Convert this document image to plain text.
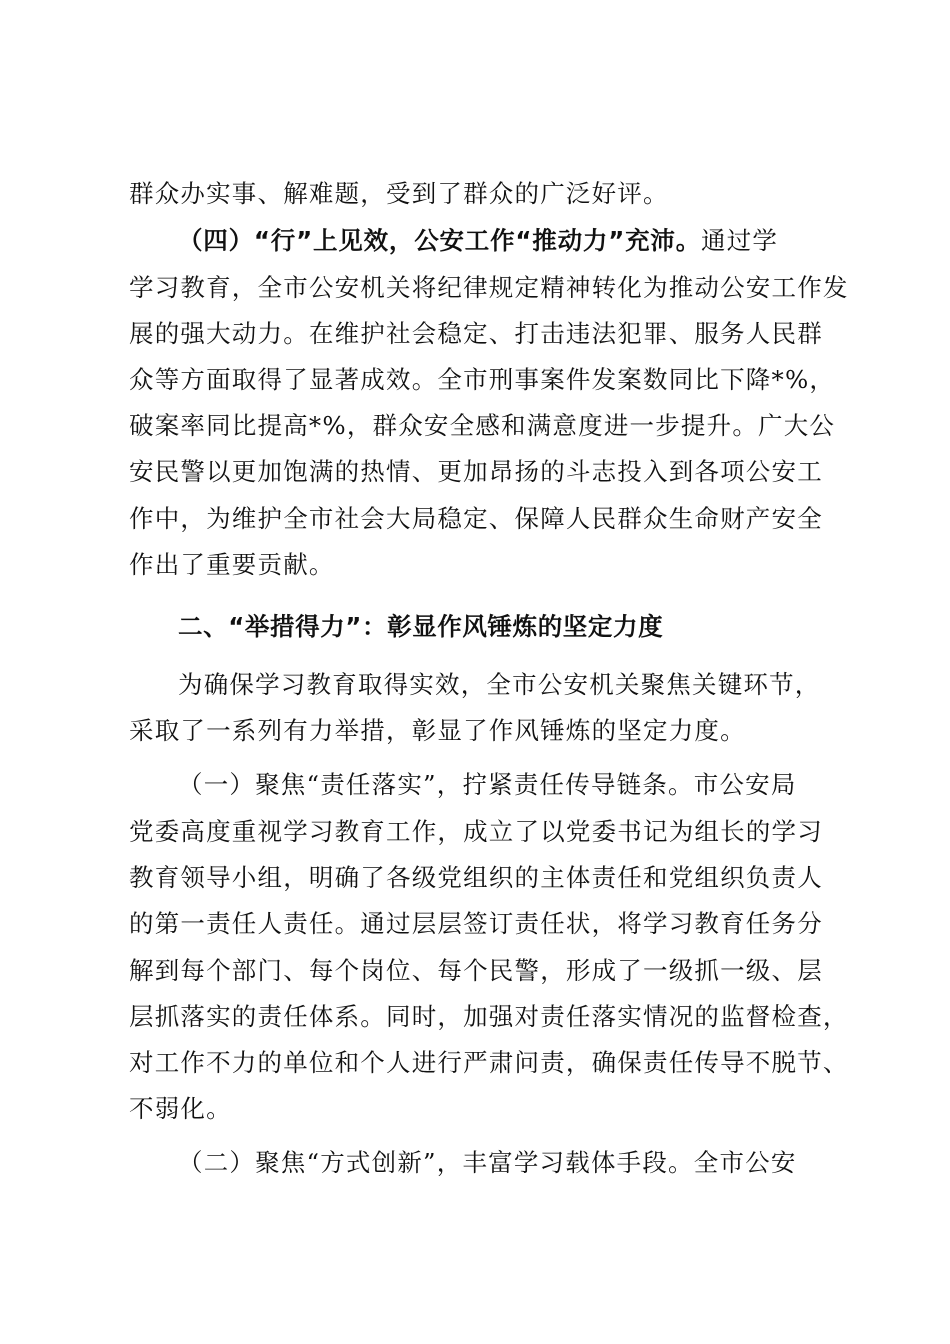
群众办实事、解难题，受到了群众的广泛好评。
（四）“行”上见效，公安工作“推动力”充沛。通过学
学习教育，全市公安机关将纪律规定精神转化为推动公安工作发
展的强大动力。在维护社会稳定、打击违法犯罪、服务人民群
众等方面取得了显著成效。全市刑事案件发案数同比下降*%，
破案率同比提高*%，群众安全感和满意度进一步提升。广大公
安民警以更加饱满的热情、更加昂扬的斗志投入到各项公安工
作中，为维护全市社会大局稳定、保障人民群众生命财产安全
作出了重要贡献。
二、“举措得力”：彰显作风锤炼的坚定力度
为确保学习教育取得实效，全市公安机关聚焦关键环节，
采取了一系列有力举措，彰显了作风锤炼的坚定力度。
（一）聚焦“责任落实”，拧紧责任传导链条。市公安局
党委高度重视学习教育工作，成立了以党委书记为组长的学习
教育领导小组，明确了各级党组织的主体责任和党组织负责人
的第一责任人责任。通过层层签订责任状，将学习教育任务分
解到每个部门、每个岗位、每个民警，形成了一级抓一级、层
层抓落实的责任体系。同时，加强对责任落实情况的监督检查，
对工作不力的单位和个人进行严肃问责，确保责任传导不脱节、
不弱化。
（二）聚焦“方式创新”，丰富学习载体手段。全市公安
